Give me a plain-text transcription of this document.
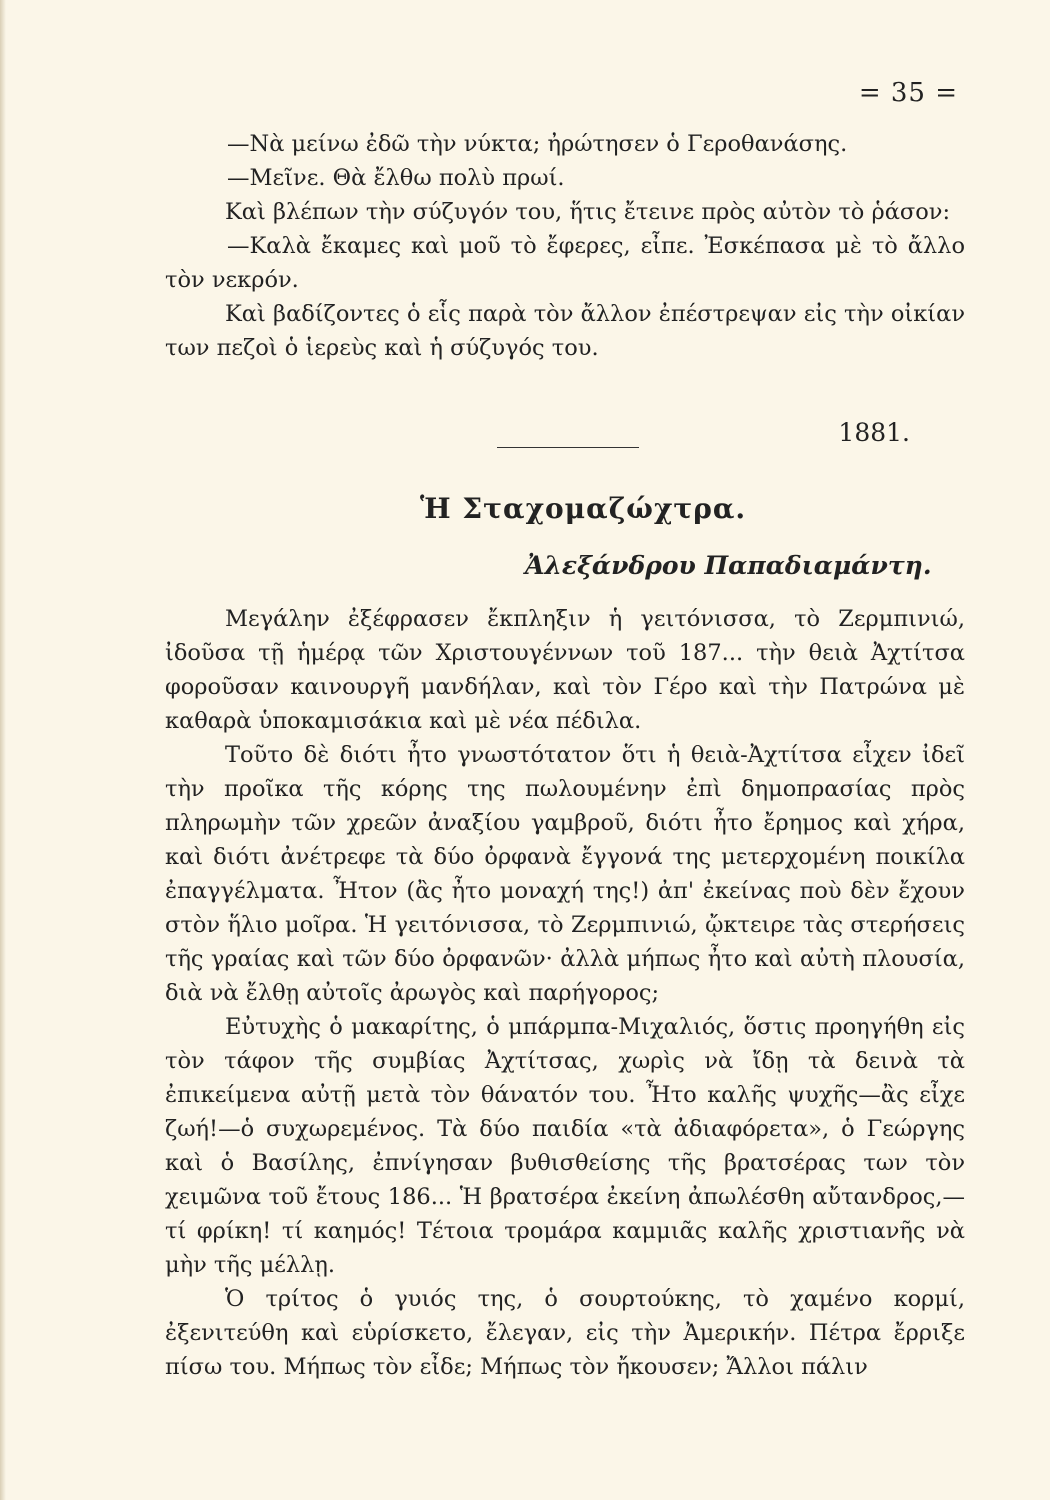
= 35 =

—Νὰ μείνω ἐδῶ τὴν νύκτα; ἠρώτησεν ὁ Γεροθανάσης.

—Μεῖνε. Θὰ ἔλθω πολὺ πρωί.

Καὶ βλέπων τὴν σύζυγόν του, ἥτις ἔτεινε πρὸς αὐτὸν τὸ ῥάσον:

—Καλὰ ἔκαμες καὶ μοῦ τὸ ἔφερες, εἶπε. Ἐσκέπασα μὲ τὸ ἄλλο τὸν νεκρόν.

Καὶ βαδίζοντες ὁ εἷς παρὰ τὸν ἄλλον ἐπέστρεψαν εἰς τὴν οἰκίαν των πεζοὶ ὁ ἱερεὺς καὶ ἡ σύζυγός του.

1881.
Ἡ Σταχομαζώχτρα.
Ἀλεξάνδρου Παπαδιαμάντη.

Μεγάλην ἐξέφρασεν ἔκπληξιν ἡ γειτόνισσα, τὸ Ζερμπινιώ, ἰδοῦσα τῇ ἡμέρᾳ τῶν Χριστουγέννων τοῦ 187... τὴν θειὰ Ἀχτίτσα φοροῦσαν καινουργῆ μανδήλαν, καὶ τὸν Γέρο καὶ τὴν Πατρώνα μὲ καθαρὰ ὑποκαμισάκια καὶ μὲ νέα πέδιλα.

Τοῦτο δὲ διότι ἦτο γνωστότατον ὅτι ἡ θειὰ-Ἀχτίτσα εἶχεν ἰδεῖ τὴν προῖκα τῆς κόρης της πωλουμένην ἐπὶ δημοπρασίας πρὸς πληρωμὴν τῶν χρεῶν ἀναξίου γαμβροῦ, διότι ἦτο ἔρημος καὶ χήρα, καὶ διότι ἀνέτρεφε τὰ δύο ὀρφανὰ ἔγγονά της μετερχομένη ποικίλα ἐπαγγέλματα. Ἦτον (ἂς ἦτο μοναχή της!) ἀπ' ἐκείνας ποὺ δὲν ἔχουν στὸν ἥλιο μοῖρα. Ἡ γειτόνισσα, τὸ Ζερμπινιώ, ᾤκτειρε τὰς στερήσεις τῆς γραίας καὶ τῶν δύο ὀρφανῶν· ἀλλὰ μήπως ἦτο καὶ αὐτὴ πλουσία, διὰ νὰ ἔλθῃ αὐτοῖς ἀρωγὸς καὶ παρήγορος;

Εὐτυχὴς ὁ μακαρίτης, ὁ μπάρμπα-Μιχαλιός, ὅστις προηγήθη εἰς τὸν τάφον τῆς συμβίας Ἀχτίτσας, χωρὶς νὰ ἴδῃ τὰ δεινὰ τὰ ἐπικείμενα αὐτῇ μετὰ τὸν θάνατόν του. Ἦτο καλῆς ψυχῆς—ἂς εἶχε ζωή!—ὁ συχωρεμένος. Τὰ δύο παιδία «τὰ ἀδιαφόρετα», ὁ Γεώργης καὶ ὁ Βασίλης, ἐπνίγησαν βυθισθείσης τῆς βρατσέρας των τὸν χειμῶνα τοῦ ἔτους 186... Ἡ βρατσέρα ἐκείνη ἀπωλέσθη αὔτανδρος,—τί φρίκη! τί καημός! Τέτοια τρομάρα καμμιᾶς καλῆς χριστιανῆς νὰ μὴν τῆς μέλλῃ.

Ὁ τρίτος ὁ γυιός της, ὁ σουρτούκης, τὸ χαμένο κορμί, ἐξενιτεύθη καὶ εὑρίσκετο, ἔλεγαν, εἰς τὴν Ἀμερικήν. Πέτρα ἔρριξε πίσω του. Μήπως τὸν εἶδε; Μήπως τὸν ἤκουσεν; Ἄλλοι πάλιν
